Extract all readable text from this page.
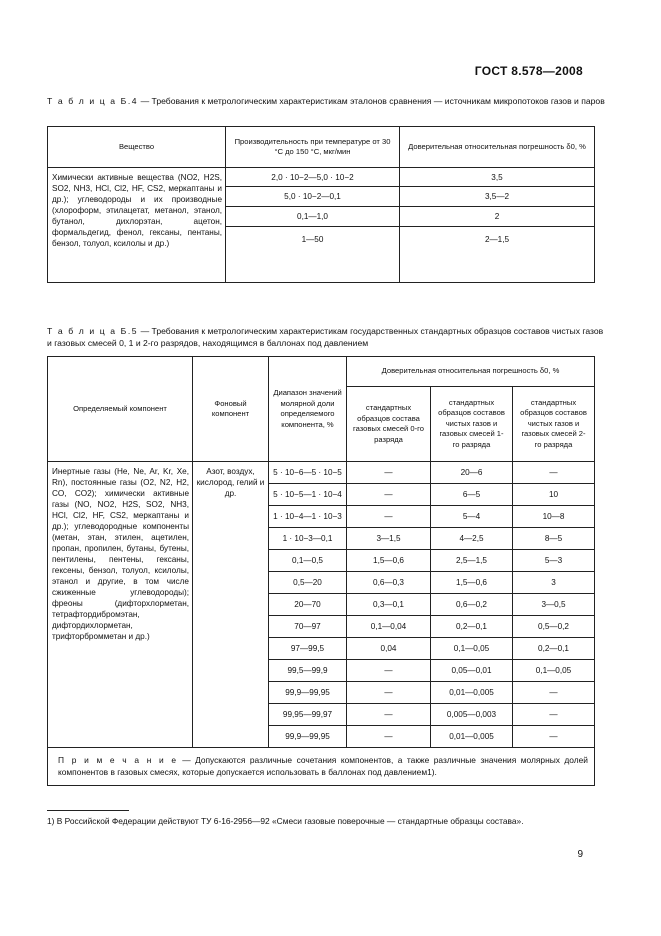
ГОСТ 8.578—2008
Т а б л и ц а Б.4 — Требования к метрологическим характеристикам эталонов сравнения — источникам микропотоков газов и паров
Вещество	Производительность при температуре от 30 °С до 150 °С, мкг/мин	Доверительная относительная погрешность δ0, %
Химически активные вещества (NO2, H2S, SO2, NH3, HCl, Cl2, HF, CS2, меркаптаны и др.); углеводороды и их производные (хлороформ, этилацетат, метанол, этанол, бутанол, дихлорэтан, ацетон, формальдегид, фенол, гексаны, пентаны, бензол, толуол, ксилолы и др.)	2,0 · 10−2—5,0 · 10−2	3,5
	5,0 · 10−2—0,1	3,5—2
	0,1—1,0	2
	1—50	2—1,5
Т а б л и ц а Б.5 — Требования к метрологическим характеристикам государственных стандартных образцов составов чистых газов и газовых смесей 0, 1 и 2-го разрядов, находящимся в баллонах под давлением
Определяемый компонент	Фоновый компонент	Диапазон значений молярной доли определяемого компонента, %	Доверительная относительная погрешность δ0, %		
			стандартных образцов состава газовых смесей 0-го разряда	стандартных образцов составов чистых газов и газовых смесей 1-го разряда	стандартных образцов составов чистых газов и газовых смесей 2-го разряда
Инертные газы (He, Ne, Ar, Kr, Xe, Rn), постоянные газы (O2, N2, H2, CO, CO2); химически активные газы (NO, NO2, H2S, SO2, NH3, HCl, Cl2, HF, CS2, меркаптаны и др.); углеводородные компоненты (метан, этан, этилен, ацетилен, пропан, пропилен, бутаны, бутены, пентилены, пентены, гексаны, гексены, бензол, толуол, ксилолы, этанол и другие, в том числе сжиженные углеводороды); фреоны (дифторхлорметан, тетрафтордибромэтан, дифтордихлорметан, трифторбромметан и др.)	Азот, воздух, кислород, гелий и др.	5 · 10−6—5 · 10−5	—	20—6	—
		5 · 10−5—1 · 10−4	—	6—5	10
		1 · 10−4—1 · 10−3	—	5—4	10—8
		1 · 10−3—0,1	3—1,5	4—2,5	8—5
		0,1—0,5	1,5—0,6	2,5—1,5	5—3
		0,5—20	0,6—0,3	1,5—0,6	3
		20—70	0,3—0,1	0,6—0,2	3—0,5
		70—97	0,1—0,04	0,2—0,1	0,5—0,2
		97—99,5	0,04	0,1—0,05	0,2—0,1
		99,5—99,9	—	0,05—0,01	0,1—0,05
		99,9—99,95	—	0,01—0,005	—
		99,95—99,97	—	0,005—0,003	—
		99,9—99,95	—	0,01—0,005	—
П р и м е ч а н и е — Допускаются различные сочетания компонентов, а также различные значения молярных долей компонентов в газовых смесях, которые допускается использовать в баллонах под давлением1).					
1) В Российской Федерации действуют ТУ 6-16-2956—92 «Смеси газовые поверочные — стандартные образцы состава».
9
